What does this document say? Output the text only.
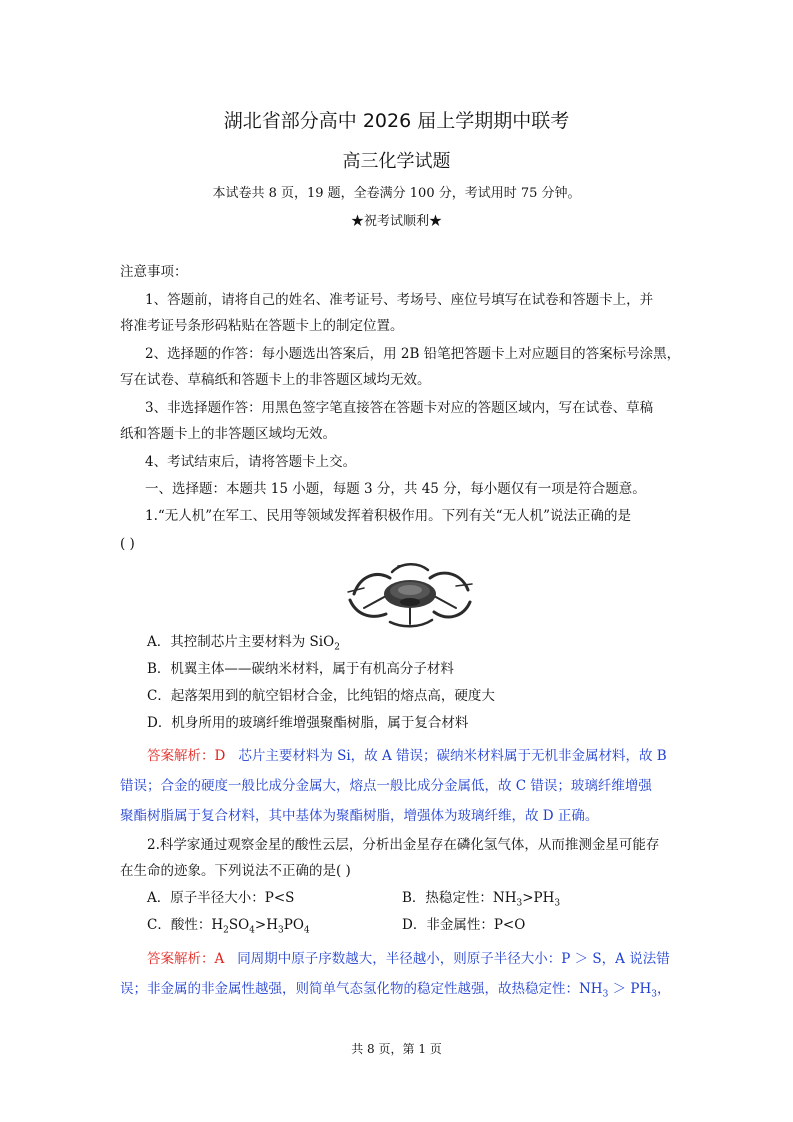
湖北省部分高中 2026 届上学期期中联考
高三化学试题
本试卷共 8 页，19 题，全卷满分 100 分，考试用时 75 分钟。
★祝考试顺利★
注意事项：
1、答题前，请将自己的姓名、准考证号、考场号、座位号填写在试卷和答题卡上，并
将准考证号条形码粘贴在答题卡上的制定位置。
2、选择题的作答：每小题选出答案后，用 2B 铅笔把答题卡上对应题目的答案标号涂黑，
写在试卷、草稿纸和答题卡上的非答题区域均无效。
3、非选择题作答：用黑色签字笔直接答在答题卡对应的答题区域内，写在试卷、草稿
纸和答题卡上的非答题区域均无效。
4、考试结束后，请将答题卡上交。
一、选择题：本题共 15 小题，每题 3 分，共 45 分，每小题仅有一项是符合题意。
1.“无人机”在军工、民用等领域发挥着积极作用。下列有关“无人机”说法正确的是
( )
A．其控制芯片主要材料为 SiO$_2$
B．机翼主体——碳纳米材料，属于有机高分子材料
C．起落架用到的航空铝材合金，比纯铝的熔点高，硬度大
D．机身所用的玻璃纤维增强聚酯树脂，属于复合材料
答案解析：D 芯片主要材料为 Si，故 A 错误；碳纳米材料属于无机非金属材料，故 B
错误；合金的硬度一般比成分金属大，熔点一般比成分金属低，故 C 错误；玻璃纤维增强
聚酯树脂属于复合材料，其中基体为聚酯树脂，增强体为玻璃纤维，故 D 正确。
2.科学家通过观察金星的酸性云层，分析出金星存在磷化氢气体，从而推测金星可能存
在生命的迹象。下列说法不正确的是( )
A．原子半径大小：P<S	B．热稳定性：$NH_3>PH_3$
C．酸性：$H_2SO_4>H_3PO_4$	D．非金属性：P<O
答案解析：A 同周期中原子序数越大，半径越小，则原子半径大小：P ＞ S，A 说法错
误；非金属的非金属性越强，则简单气态氢化物的稳定性越强，故热稳定性：$NH_3 > PH_3$，
共 8 页，第 1 页
